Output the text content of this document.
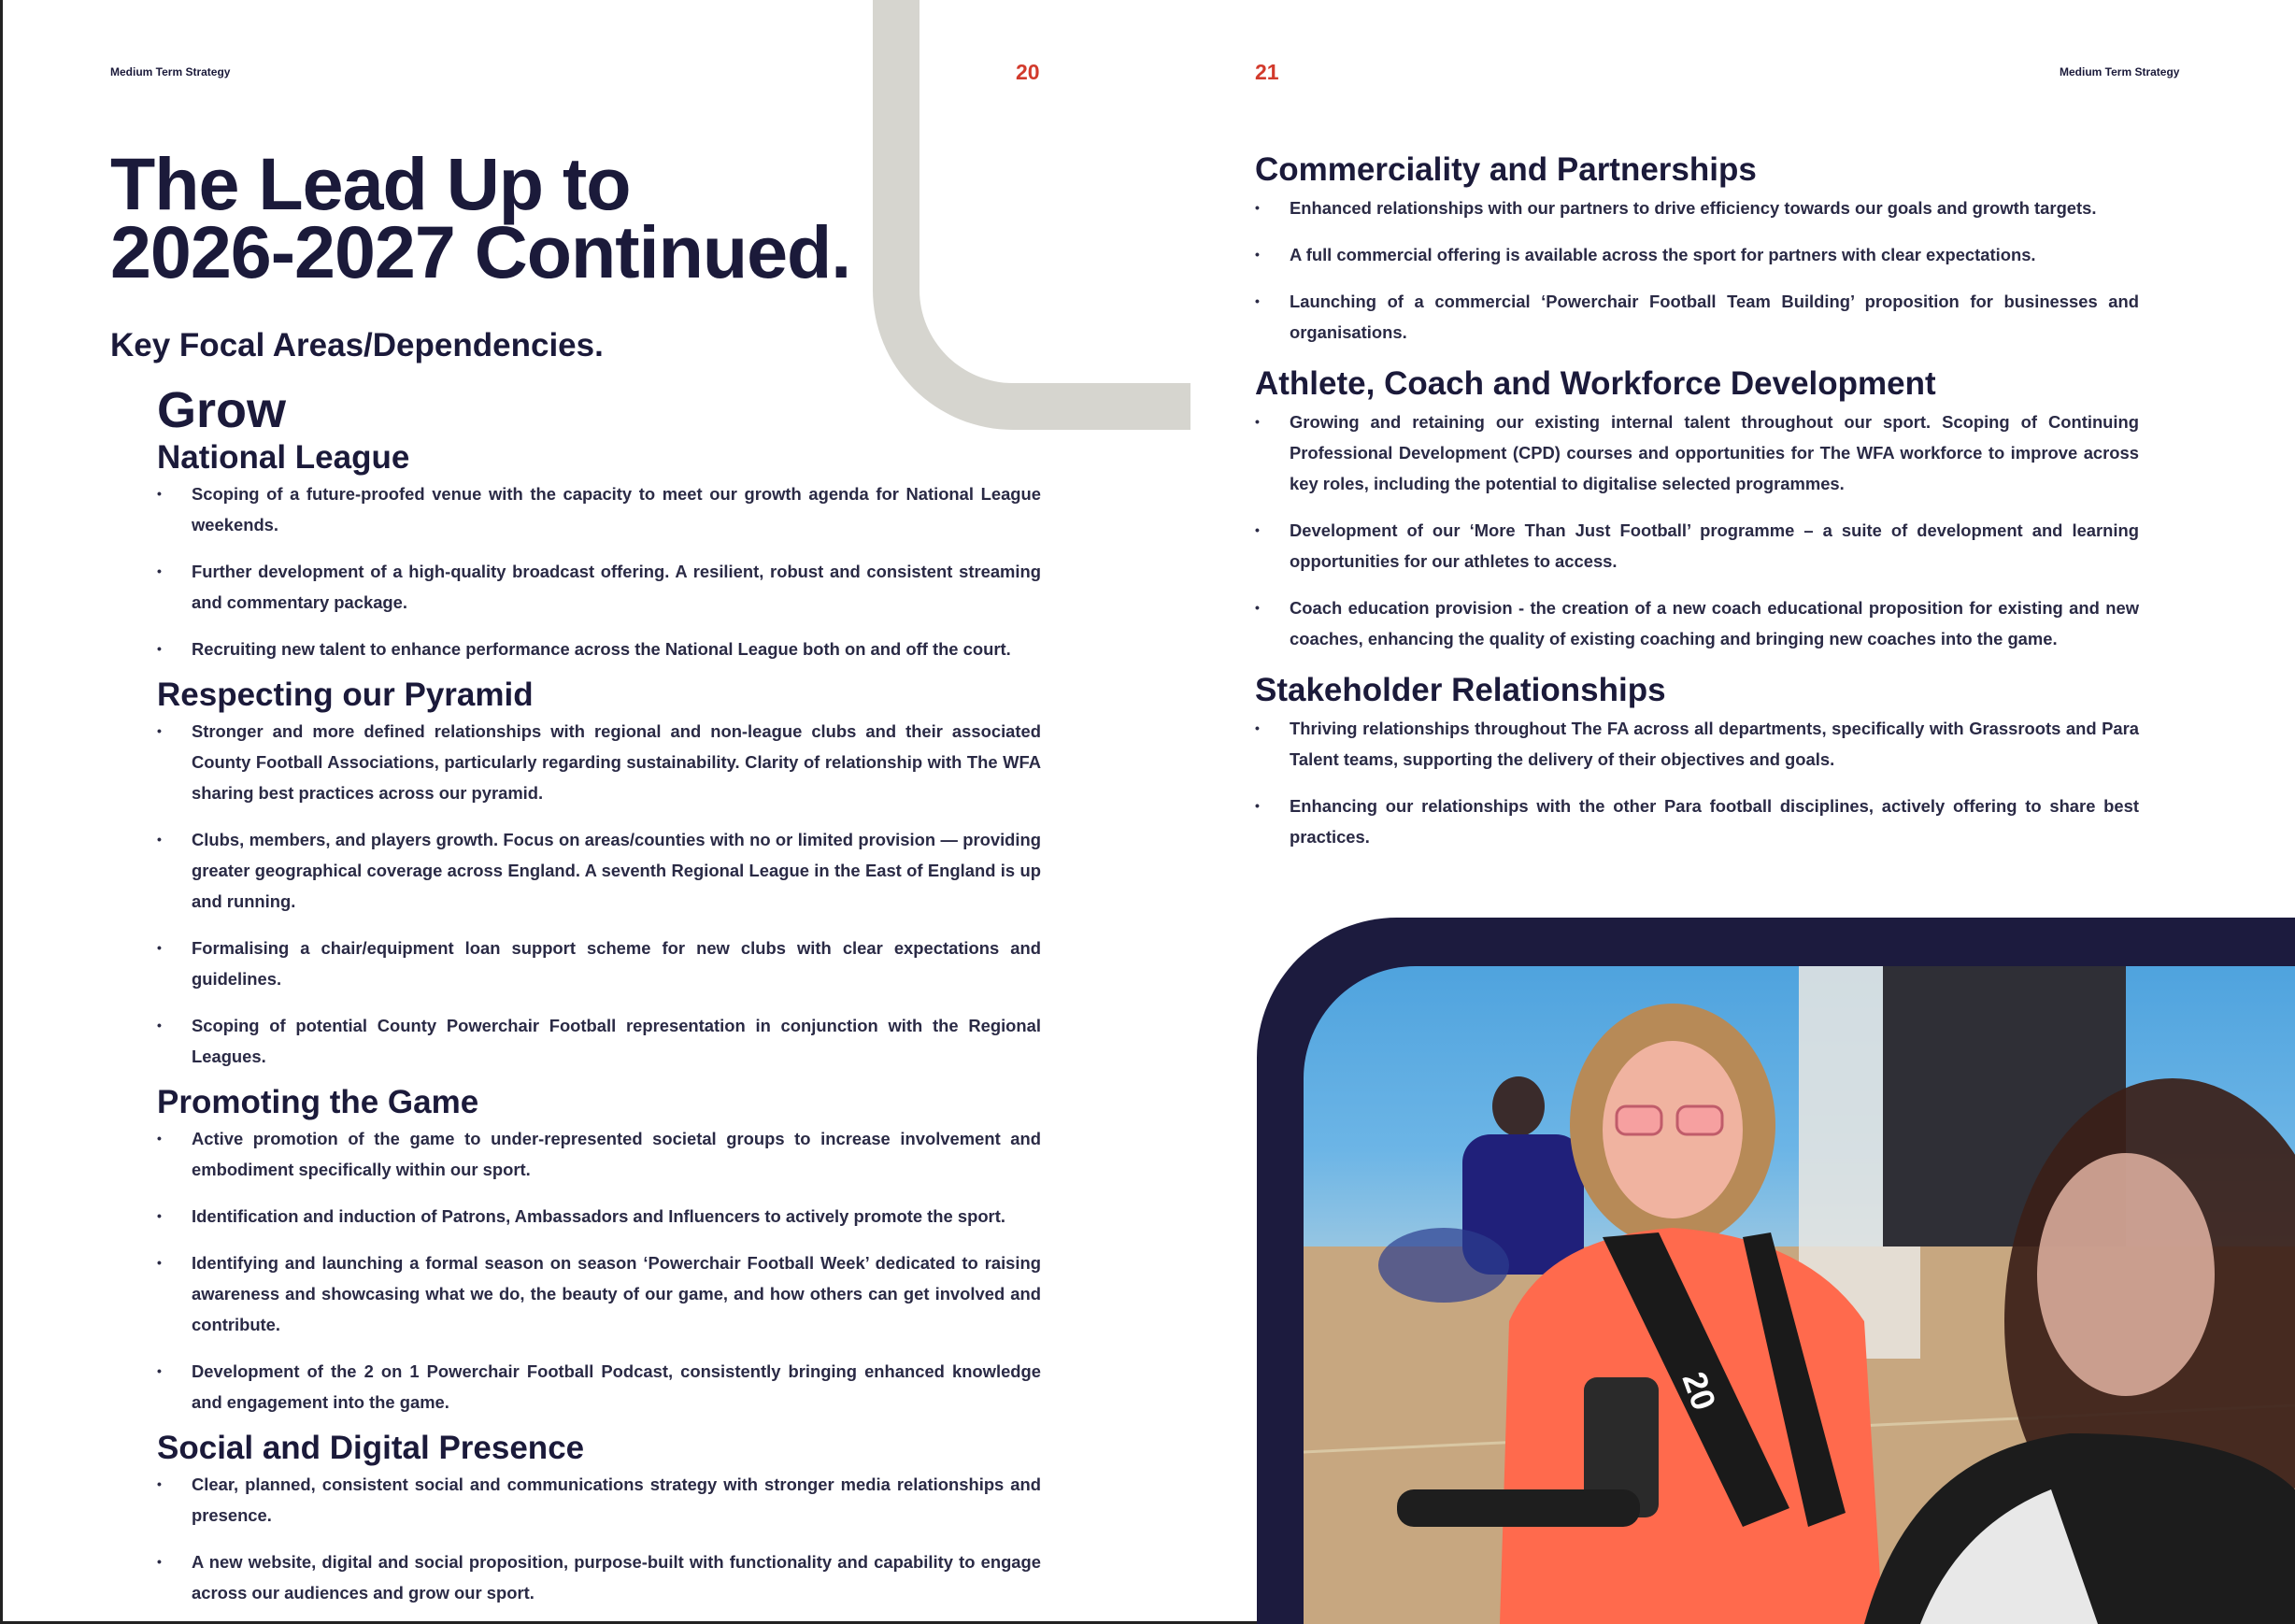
Medium Term Strategy	20	21	Medium Term Strategy
The Lead Up to
2026-2027 Continued.
Key Focal Areas/Dependencies.
Grow
National League
• Scoping of a future-proofed venue with the capacity to meet our growth agenda for National League weekends.
• Further development of a high-quality broadcast offering. A resilient, robust and consistent streaming and commentary package.
• Recruiting new talent to enhance performance across the National League both on and off the court.
Respecting our Pyramid
• Stronger and more defined relationships with regional and non-league clubs and their associated County Football Associations, particularly regarding sustainability. Clarity of relationship with The WFA sharing best practices across our pyramid.
• Clubs, members, and players growth. Focus on areas/counties with no or limited provision — providing greater geographical coverage across England. A seventh Regional League in the East of England is up and running.
• Formalising a chair/equipment loan support scheme for new clubs with clear expectations and guidelines.
• Scoping of potential County Powerchair Football representation in conjunction with the Regional Leagues.
Promoting the Game
• Active promotion of the game to under-represented societal groups to increase involvement and embodiment specifically within our sport.
• Identification and induction of Patrons, Ambassadors and Influencers to actively promote the sport.
• Identifying and launching a formal season on season ‘Powerchair Football Week’ dedicated to raising awareness and showcasing what we do, the beauty of our game, and how others can get involved and contribute.
• Development of the 2 on 1 Powerchair Football Podcast, consistently bringing enhanced knowledge and engagement into the game.
Social and Digital Presence
• Clear, planned, consistent social and communications strategy with stronger media relationships and presence.
• A new website, digital and social proposition, purpose-built with functionality and capability to engage across our audiences and grow our sport.
Commerciality and Partnerships
• Enhanced relationships with our partners to drive efficiency towards our goals and growth targets.
• A full commercial offering is available across the sport for partners with clear expectations.
• Launching of a commercial ‘Powerchair Football Team Building’ proposition for businesses and organisations.
Athlete, Coach and Workforce Development
• Growing and retaining our existing internal talent throughout our sport. Scoping of Continuing Professional Development (CPD) courses and opportunities for The WFA workforce to improve across key roles, including the potential to digitalise selected programmes.
• Development of our ‘More Than Just Football’ programme – a suite of development and learning opportunities for our athletes to access.
• Coach education provision - the creation of a new coach educational proposition for existing and new coaches, enhancing the quality of existing coaching and bringing new coaches into the game.
Stakeholder Relationships
• Thriving relationships throughout The FA across all departments, specifically with Grassroots and Para Talent teams, supporting the delivery of their objectives and goals.
• Enhancing our relationships with the other Para football disciplines, actively offering to share best practices.
20
